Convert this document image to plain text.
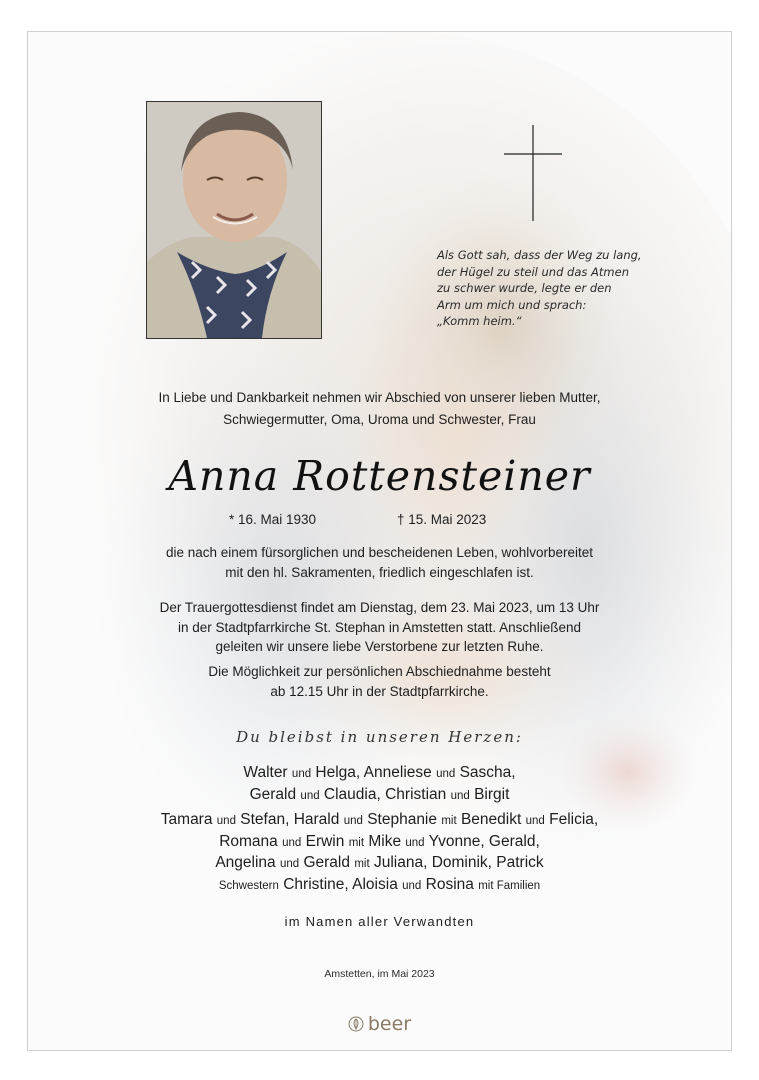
Als Gott sah, dass der Weg zu lang,
der Hügel zu steil und das Atmen
zu schwer wurde, legte er den
Arm um mich und sprach:
„Komm heim.“
In Liebe und Dankbarkeit nehmen wir Abschied von unserer lieben Mutter,
Schwiegermutter, Oma, Uroma und Schwester, Frau
Anna Rottensteiner
* 16. Mai 1930	† 15. Mai 2023
die nach einem fürsorglichen und bescheidenen Leben, wohlvorbereitet
mit den hl. Sakramenten, friedlich eingeschlafen ist.
Der Trauergottesdienst findet am Dienstag, dem 23. Mai 2023, um 13 Uhr
in der Stadtpfarrkirche St. Stephan in Amstetten statt. Anschließend
geleiten wir unsere liebe Verstorbene zur letzten Ruhe.
Die Möglichkeit zur persönlichen Abschiednahme besteht
ab 12.15 Uhr in der Stadtpfarrkirche.
Du bleibst in unseren Herzen:
Walter und Helga, Anneliese und Sascha,
Gerald und Claudia, Christian und Birgit
Tamara und Stefan, Harald und Stephanie mit Benedikt und Felicia,
Romana und Erwin mit Mike und Yvonne, Gerald,
Angelina und Gerald mit Juliana, Dominik, Patrick
Schwestern Christine, Aloisia und Rosina mit Familien
im Namen aller Verwandten
Amstetten, im Mai 2023
beer
